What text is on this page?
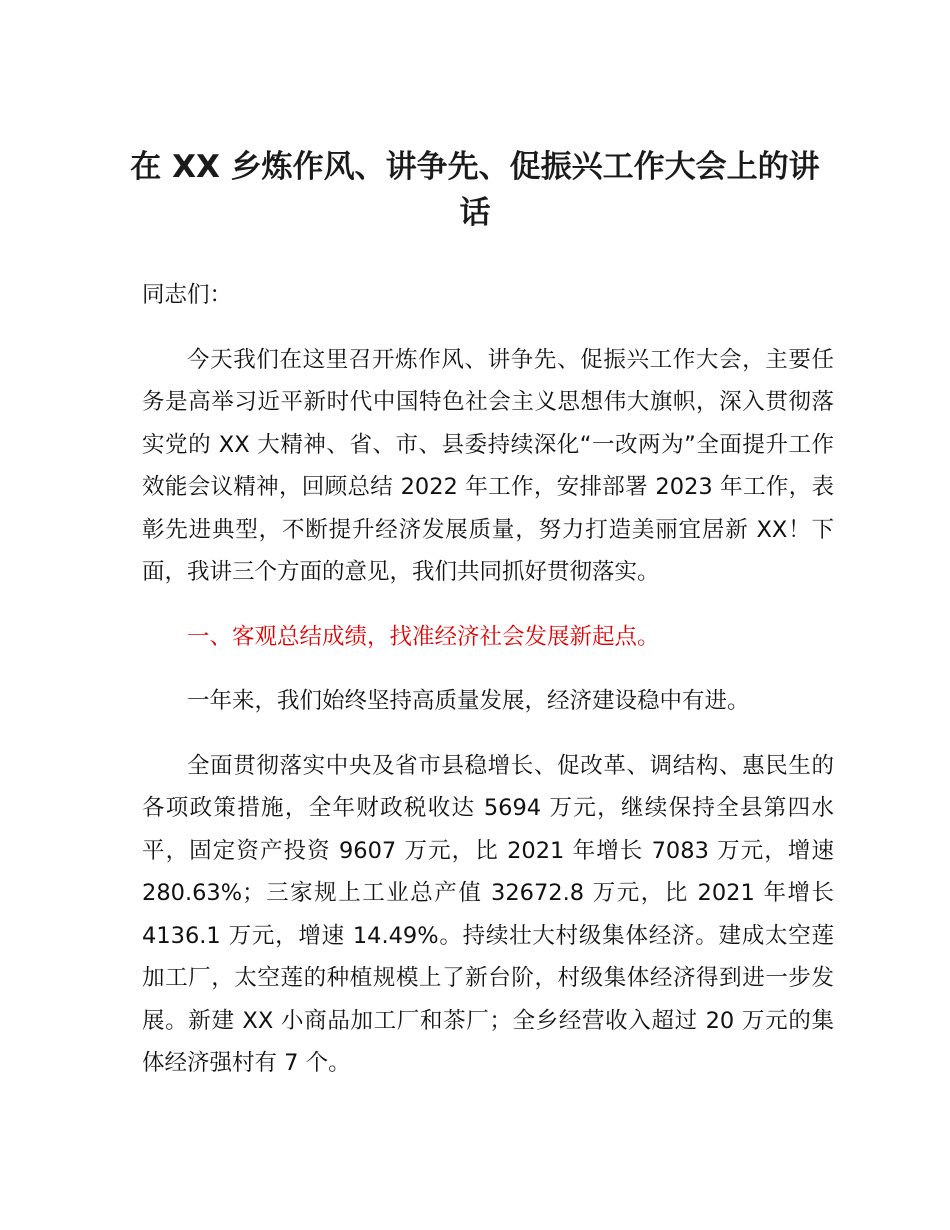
在 XX 乡炼作风、讲争先、促振兴工作大会上的讲话

同志们：

今天我们在这里召开炼作风、讲争先、促振兴工作大会，主要任务是高举习近平新时代中国特色社会主义思想伟大旗帜，深入贯彻落实党的 XX 大精神、省、市、县委持续深化“一改两为”全面提升工作效能会议精神，回顾总结 2022 年工作，安排部署 2023 年工作，表彰先进典型，不断提升经济发展质量，努力打造美丽宜居新 XX！下面，我讲三个方面的意见，我们共同抓好贯彻落实。

一、客观总结成绩，找准经济社会发展新起点。

一年来，我们始终坚持高质量发展，经济建设稳中有进。

全面贯彻落实中央及省市县稳增长、促改革、调结构、惠民生的各项政策措施，全年财政税收达 5694 万元，继续保持全县第四水平，固定资产投资 9607 万元，比 2021 年增长 7083 万元，增速 280.63%；三家规上工业总产值 32672.8 万元，比 2021 年增长 4136.1 万元，增速 14.49%。持续壮大村级集体经济。建成太空莲加工厂，太空莲的种植规模上了新台阶，村级集体经济得到进一步发展。新建 XX 小商品加工厂和茶厂；全乡经营收入超过 20 万元的集体经济强村有 7 个。
